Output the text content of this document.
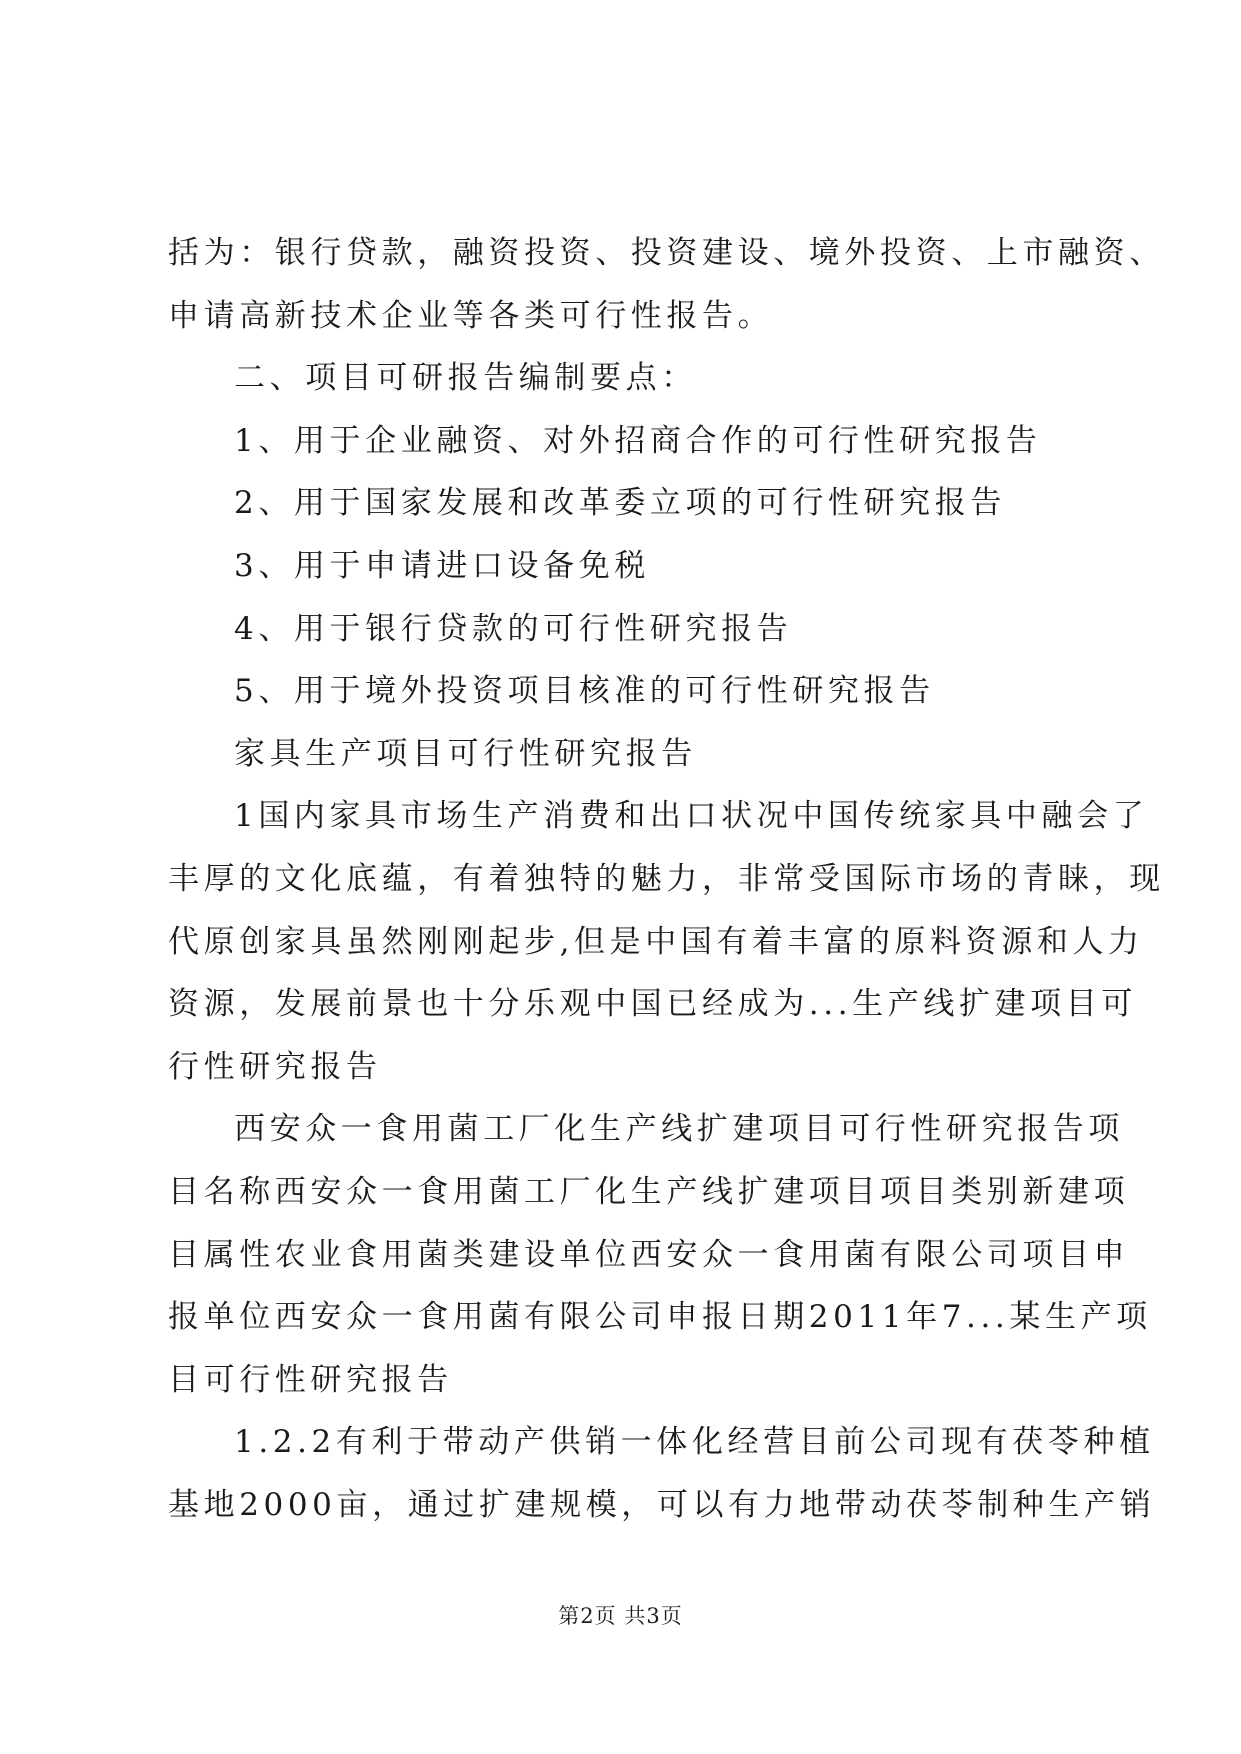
括为：银行贷款，融资投资、投资建设、境外投资、上市融资、
申请高新技术企业等各类可行性报告。
二、项目可研报告编制要点：
1、用于企业融资、对外招商合作的可行性研究报告
2、用于国家发展和改革委立项的可行性研究报告
3、用于申请进口设备免税
4、用于银行贷款的可行性研究报告
5、用于境外投资项目核准的可行性研究报告
家具生产项目可行性研究报告
1国内家具市场生产消费和出口状况中国传统家具中融会了
丰厚的文化底蕴，有着独特的魅力，非常受国际市场的青睐，现
代原创家具虽然刚刚起步,但是中国有着丰富的原料资源和人力
资源，发展前景也十分乐观中国已经成为...生产线扩建项目可
行性研究报告
西安众一食用菌工厂化生产线扩建项目可行性研究报告项
目名称西安众一食用菌工厂化生产线扩建项目项目类别新建项
目属性农业食用菌类建设单位西安众一食用菌有限公司项目申
报单位西安众一食用菌有限公司申报日期2011年7...某生产项
目可行性研究报告
1.2.2有利于带动产供销一体化经营目前公司现有茯苓种植
基地2000亩，通过扩建规模，可以有力地带动茯苓制种生产销
第2页 共3页
